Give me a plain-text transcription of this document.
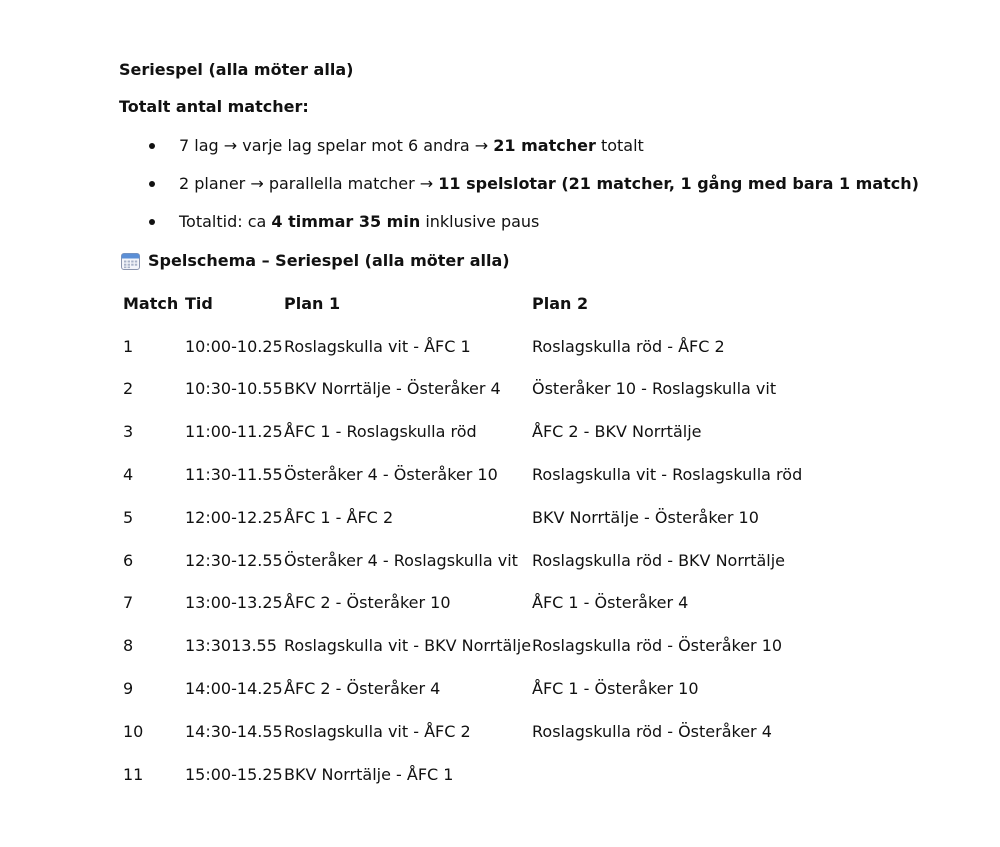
Seriespel (alla möter alla)
Totalt antal matcher:
7 lag → varje lag spelar mot 6 andra → 21 matcher totalt
2 planer → parallella matcher → 11 spelslotar (21 matcher, 1 gång med bara 1 match)
Totaltid: ca 4 timmar 35 min inklusive paus
Spelschema – Seriespel (alla möter alla)
Match	Tid	Plan 1	Plan 2
1	10:00-10.25	Roslagskulla vit - ÅFC 1	Roslagskulla röd - ÅFC 2
2	10:30-10.55	BKV Norrtälje - Österåker 4	Österåker 10 - Roslagskulla vit
3	11:00-11.25	ÅFC 1 - Roslagskulla röd	ÅFC 2 - BKV Norrtälje
4	11:30-11.55	Österåker 4 - Österåker 10	Roslagskulla vit - Roslagskulla röd
5	12:00-12.25	ÅFC 1 - ÅFC 2	BKV Norrtälje - Österåker 10
6	12:30-12.55	Österåker 4 - Roslagskulla vit	Roslagskulla röd - BKV Norrtälje
7	13:00-13.25	ÅFC 2 - Österåker 10	ÅFC 1 - Österåker 4
8	13:3013.55	Roslagskulla vit - BKV Norrtälje	Roslagskulla röd - Österåker 10
9	14:00-14.25	ÅFC 2 - Österåker 4	ÅFC 1 - Österåker 10
10	14:30-14.55	Roslagskulla vit - ÅFC 2	Roslagskulla röd - Österåker 4
11	15:00-15.25	BKV Norrtälje - ÅFC 1	
